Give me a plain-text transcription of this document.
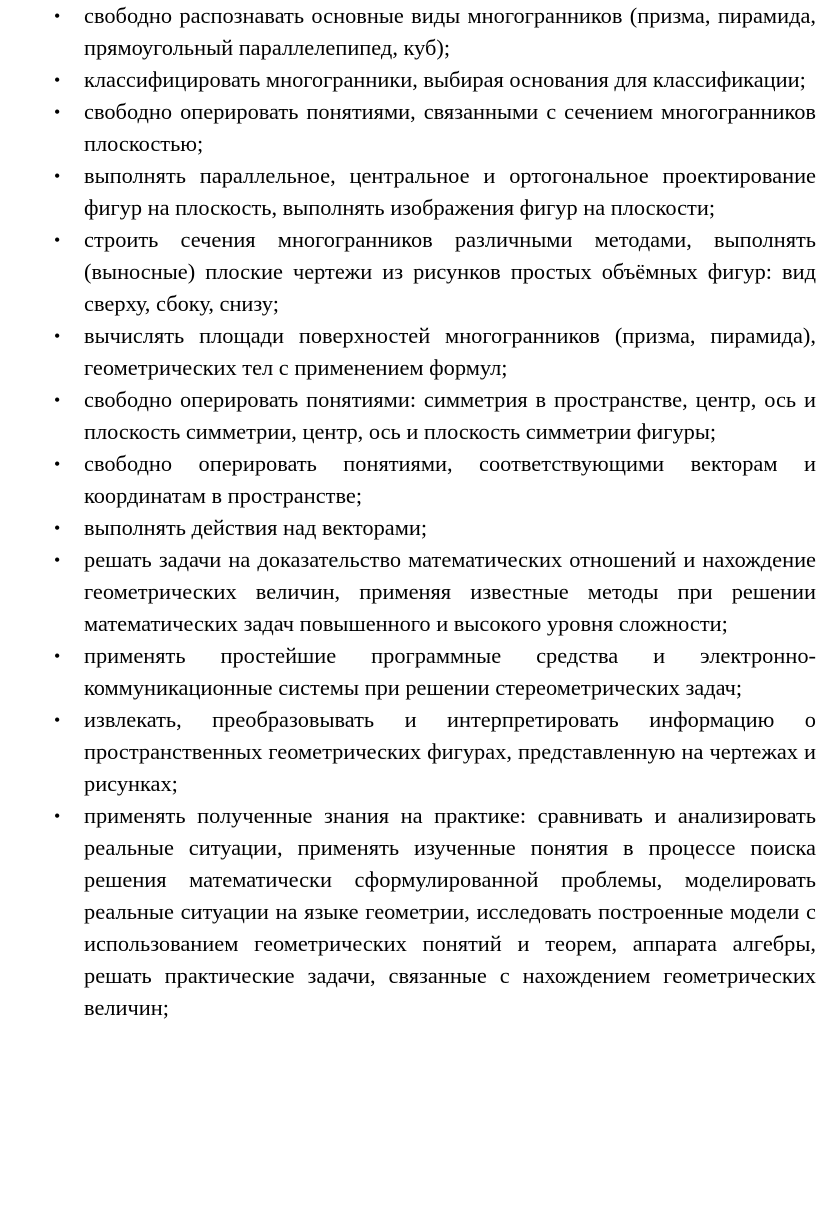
• свободно распознавать основные виды многогранников (призма, пирамида, прямоугольный параллелепипед, куб);
• классифицировать многогранники, выбирая основания для классификации;
• свободно оперировать понятиями, связанными с сечением многогранников плоскостью;
• выполнять параллельное, центральное и ортогональное проектирование фигур на плоскость, выполнять изображения фигур на плоскости;
• строить сечения многогранников различными методами, выполнять (выносные) плоские чертежи из рисунков простых объёмных фигур: вид сверху, сбоку, снизу;
• вычислять площади поверхностей многогранников (призма, пирамида), геометрических тел с применением формул;
• свободно оперировать понятиями: симметрия в пространстве, центр, ось и плоскость симметрии, центр, ось и плоскость симметрии фигуры;
• свободно оперировать понятиями, соответствующими векторам и координатам в пространстве;
• выполнять действия над векторами;
• решать задачи на доказательство математических отношений и нахождение геометрических величин, применяя известные методы при решении математических задач повышенного и высокого уровня сложности;
• применять простейшие программные средства и электронно-коммуникационные системы при решении стереометрических задач;
• извлекать, преобразовывать и интерпретировать информацию о пространственных геометрических фигурах, представленную на чертежах и рисунках;
• применять полученные знания на практике: сравнивать и анализировать реальные ситуации, применять изученные понятия в процессе поиска решения математически сформулированной проблемы, моделировать реальные ситуации на языке геометрии, исследовать построенные модели с использованием геометрических понятий и теорем, аппарата алгебры, решать практические задачи, связанные с нахождением геометрических величин;
